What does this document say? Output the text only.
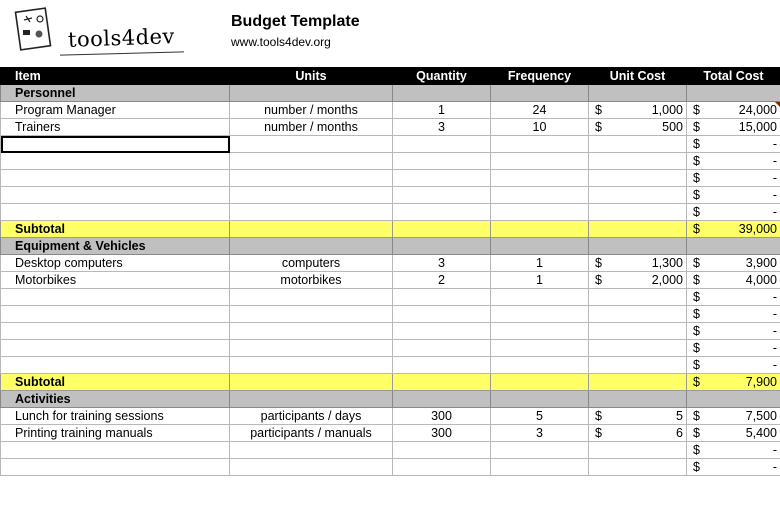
tools4dev
Budget Template
www.tools4dev.org
Item	Units	Quantity	Frequency	Unit Cost	Total Cost
Personnel					
Program Manager	number / months	1	24	$ 1,000	$ 24,000
Trainers	number / months	3	10	$ 500	$ 15,000

					$ -

					$ -

					$ -

					$ -

					$ -
Subtotal					$ 39,000
Equipment & Vehicles					
Desktop computers	computers	3	1	$ 1,300	$ 3,900
Motorbikes	motorbikes	2	1	$ 2,000	$ 4,000

					$ -

					$ -

					$ -

					$ -

					$ -
Subtotal					$ 7,900
Activities					
Lunch for training sessions	participants / days	300	5	$ 5	$ 7,500
Printing training manuals	participants / manuals	300	3	$ 6	$ 5,400

					$ -

					$ -
